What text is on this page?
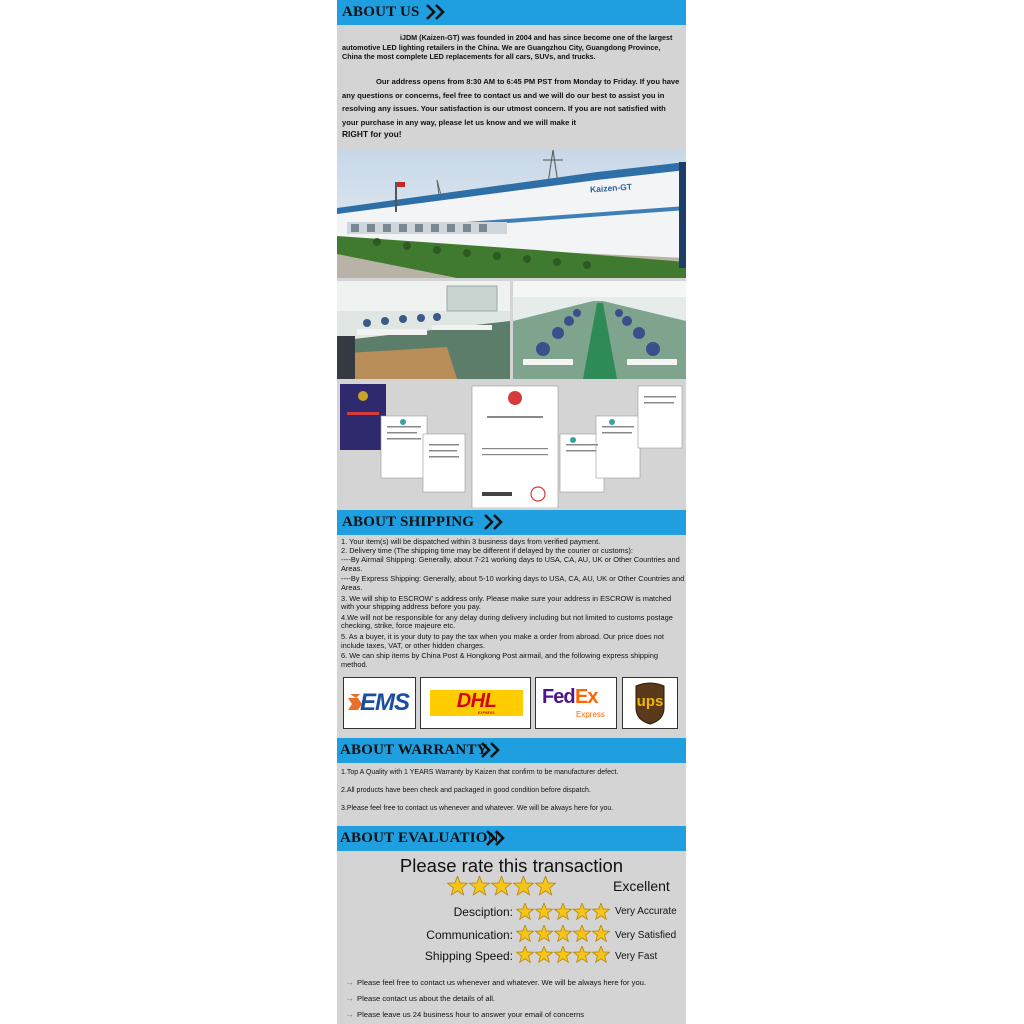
ABOUT US

iJDM (Kaizen-GT) was founded in 2004 and has since become one of the largest automotive LED lighting retailers in the China. We are Guangzhou City, Guangdong Province, China the most complete LED replacements for all cars, SUVs, and trucks.

Our address opens from 8:30 AM to 6:45 PM PST from Monday to Friday. If you have any questions or concerns, feel free to contact us and we will do our best to assist you in resolving any issues. Your satisfaction is our utmost concern. If you are not satisfied with your purchase in any way, please let us know and we will make it

RIGHT for you!

Kaizen-GT
ABOUT SHIPPING
1. Your item(s) will be dispatched within 3 business days from verified payment.
2. Delivery time (The shipping time may be different if delayed by the courier or customs):
----By Airmail Shipping: Generally, about 7-21 working days to USA, CA, AU, UK or Other Countries and Areas.
----By Express Shipping: Generally, about 5-10 working days to USA, CA, AU, UK or Other Countries and Areas.
3. We will ship to ESCROW' s address only. Please make sure your address in ESCROW is matched with your shipping address before you pay.
4.We will not be responsible for any delay during delivery including but not limited to customs postage checking, strike, force majeure etc.
5. As a buyer, it is your duty to pay the tax when you make a order from abroad. Our price does not include taxes, VAT, or other hidden charges.
6. We can ship items by China Post & Hongkong Post airmail, and the following express shipping method.
EMS	DHL
EXPRESS
Fed Ex
Express
ups
ABOUT WARRANTY
1.Top A Quality with 1 YEARS Warranty by Kaizen that confirm to be manufacturer defect.
2.All products have been check and packaged in good condition before dispatch.
3.Please feel free to contact us whenever and whatever. We will be always here for you.
ABOUT EVALUATION
Please rate this transaction
Excellent
Desciption:	Very Accurate
Communication:	Very Satisfied
Shipping Speed:	Very Fast
→ Please feel free to contact us whenever and whatever. We will be always here for you.
→ Please contact us about the details of all.
→ Please leave us 24 business hour to answer your email of concerns
